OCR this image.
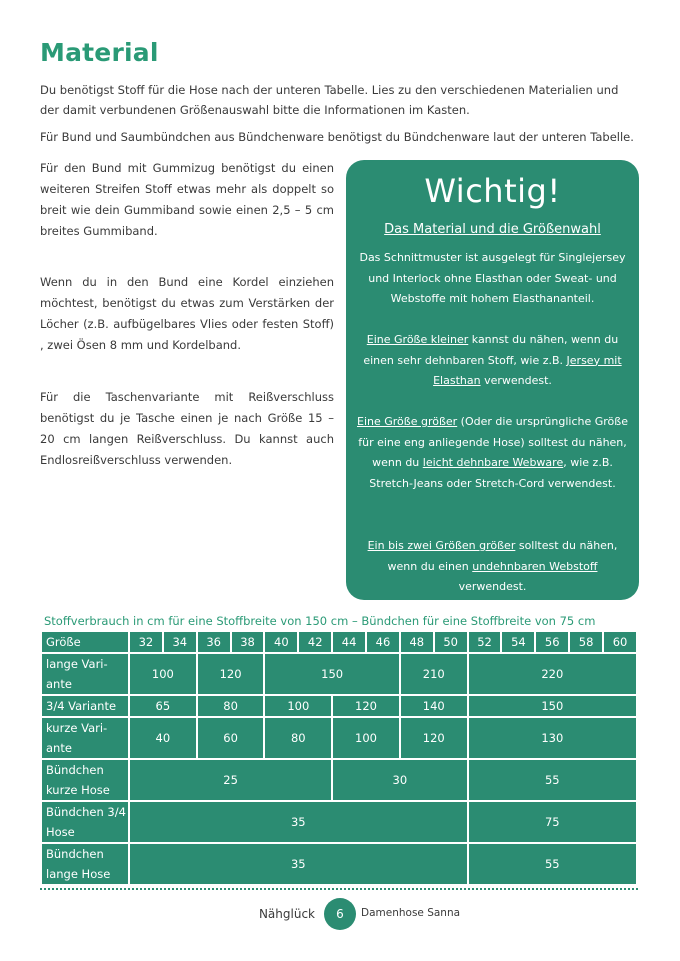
Material

Du benötigst Stoff für die Hose nach der unteren Tabelle. Lies zu den verschiedenen Materialien und der damit verbundenen Größenauswahl bitte die Informationen im Kasten.

Für Bund und Saumbündchen aus Bündchenware benötigst du Bündchenware laut der unteren Tabelle.

Für den Bund mit Gummizug benötigst du einen weiteren Streifen Stoff etwas mehr als doppelt so breit wie dein Gummiband sowie einen 2,5 – 5 cm breites Gummiband.
Wenn du in den Bund eine Kordel einziehen möchtest, benötigst du etwas zum Verstärken der Löcher (z.B. aufbügelbares Vlies oder festen Stoff) , zwei Ösen 8 mm und Kordelband.
Für die Taschenvariante mit Reißverschluss benötigst du je Tasche einen je nach Größe 15 – 20 cm langen Reißverschluss. Du kannst auch Endlosreißverschluss verwenden.
Wichtig!
Das Material und die Größenwahl
Das Schnittmuster ist ausgelegt für Singlejersey und Interlock ohne Elasthan oder Sweat- und Webstoffe mit hohem Elasthananteil.
Eine Größe kleiner kannst du nähen, wenn du einen sehr dehnbaren Stoff, wie z.B. Jersey mit Elasthan verwendest.
Eine Größe größer (Oder die ursprüngliche Größe für eine eng anliegende Hose) solltest du nähen, wenn du leicht dehnbare Webware, wie z.B. Stretch-Jeans oder Stretch-Cord verwendest.
Ein bis zwei Größen größer solltest du nähen, wenn du einen undehnbaren Webstoff verwendest.
Stoffverbrauch in cm für eine Stoffbreite von 150 cm – Bündchen für eine Stoffbreite von 75 cm
Größe	32	34	36	38	40	42	44	46	48	50	52	54	56	58	60
lange Vari-ante	100		120		150				210		220				
3/4 Variante	65		80		100		120		140		150				
kurze Vari-ante	40		60		80		100		120		130				
Bündchen kurze Hose	25						30				55				
Bündchen 3/4 Hose	35										75				
Bündchen lange Hose	35										55				
Nähglück	6	Damenhose Sanna
